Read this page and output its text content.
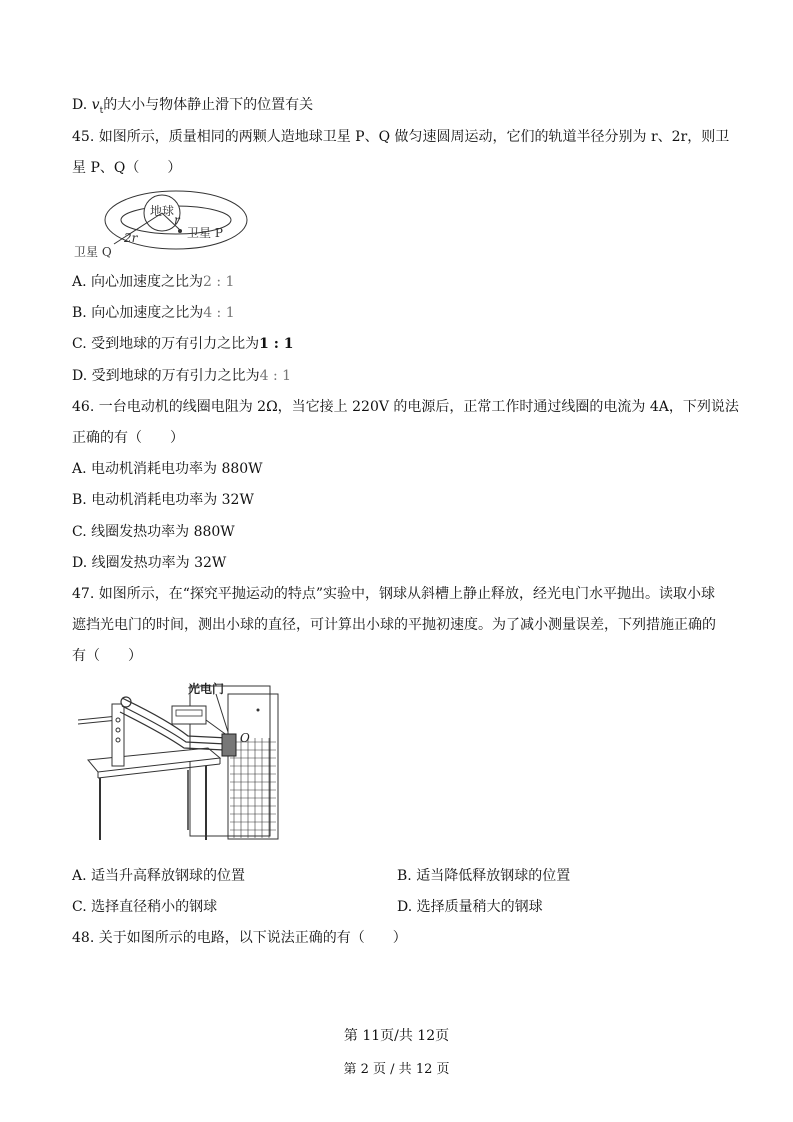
D. $v_t$的大小与物体静止滑下的位置有关
45. 如图所示，质量相同的两颗人造地球卫星 P、Q 做匀速圆周运动，它们的轨道半径分别为 r、2r，则卫
星 P、Q（　　）
地球
r
2r	卫星 P
卫星 Q
A. 向心加速度之比为2 : 1
B. 向心加速度之比为4 : 1
C. 受到地球的万有引力之比为1 : 1
D. 受到地球的万有引力之比为4 : 1
46. 一台电动机的线圈电阻为 2Ω，当它接上 220V 的电源后，正常工作时通过线圈的电流为 4A，下列说法
正确的有（　　）
A. 电动机消耗电功率为 880W
B. 电动机消耗电功率为 32W
C. 线圈发热功率为 880W
D. 线圈发热功率为 32W
47. 如图所示，在“探究平抛运动的特点”实验中，钢球从斜槽上静止释放，经光电门水平抛出。读取小球
遮挡光电门的时间，测出小球的直径，可计算出小球的平抛初速度。为了减小测量误差，下列措施正确的
有（　　）
光电门
O
A. 适当升高释放钢球的位置	B. 适当降低释放钢球的位置
C. 选择直径稍小的钢球	D. 选择质量稍大的钢球
48. 关于如图所示的电路，以下说法正确的有（　　）
第 11页/共 12页
第 2 页 / 共 12 页
